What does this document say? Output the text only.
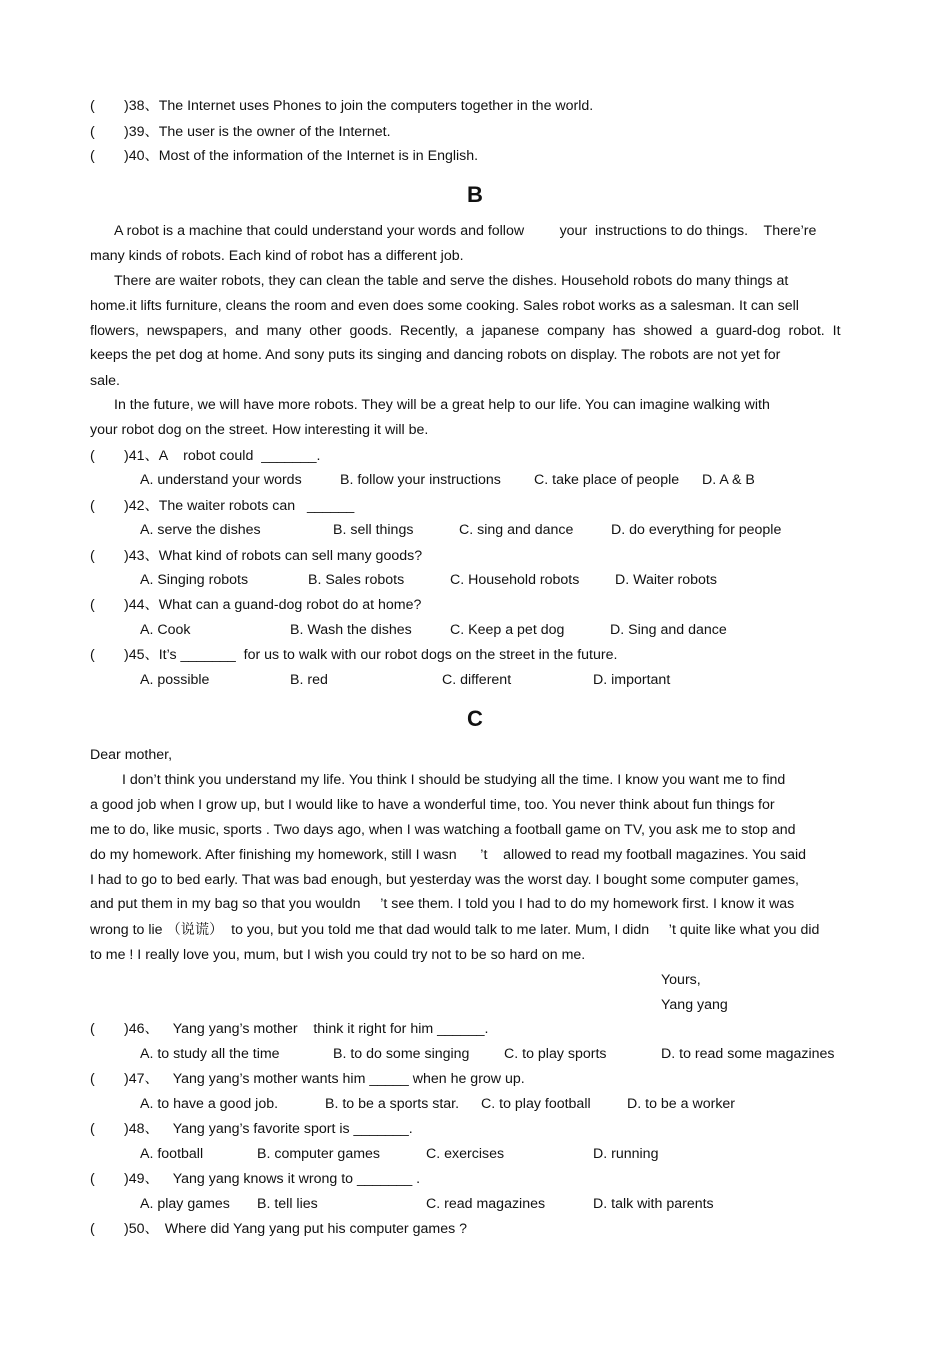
( )38、The Internet uses Phones to join the computers together in the world.
( )39、The user is the owner of the Internet.
( )40、Most of the information of the Internet is in English.
B
A robot is a machine that could understand your words and follow         your  instructions to do things.    There’re
many kinds of robots. Each kind of robot has a different job.
There are waiter robots, they can clean the table and serve the dishes. Household robots do many things at
home.it lifts furniture, cleans the room and even does some cooking. Sales robot works as a salesman. It can sell
flowers,  newspapers,  and  many  other  goods.  Recently,  a  japanese  company  has  showed  a  guard-dog  robot.  It
keeps the pet dog at home. And sony puts its singing and dancing robots on display. The robots are not yet for
sale.
In the future, we will have more robots. They will be a great help to our life. You can imagine walking with
your robot dog on the street. How interesting it will be.
( )41、A    robot could  _______.
A. understand your words	B. follow your instructions C. take place of people D. A & B
( )42、The waiter robots can   ______
A. serve the dishes	B. sell things	C. sing and dance	D. do everything for people
( )43、What kind of robots can sell many goods?
A. Singing robots	B. Sales robots	C. Household robots	D. Waiter robots
( )44、What can a guand-dog robot do at home?
A. Cook	B. Wash the dishes	C. Keep a pet dog	D. Sing and dance
( )45、It’s _______  for us to walk with our robot dogs on the street in the future.
A. possible	B. red	C. different	D. important
C
Dear mother,
I don’t think you understand my life. You think I should be studying all the time. I know you want me to find
a good job when I grow up, but I would like to have a wonderful time, too. You never think about fun things for
me to do, like music, sports . Two days ago, when I was watching a football game on TV, you ask me to stop and
do my homework. After finishing my homework, still I wasn      ’t    allowed to read my football magazines. You said
I had to go to bed early. That was bad enough, but yesterday was the worst day. I bought some computer games,
and put them in my bag so that you wouldn     ’t see them. I told you I had to do my homework first. I know it was
wrong to lie （说谎）  to you, but you told me that dad would talk to me later. Mum, I didn     ’t quite like what you did
to me ! I really love you, mum, but I wish you could try not to be so hard on me.
Yours,
Yang yang
( )46、 Yang yang’s mother    think it right for him ______.
A. to study all the time	B. to do some singing C. to play sports	D. to read some magazines
( )47、 Yang yang’s mother wants him _____ when he grow up.
A. to have a good job.	B. to be a sports star. C. to play football	D. to be a worker
( )48、 Yang yang’s favorite sport is _______.
A. football	B. computer games	C. exercises	D. running
( )49、 Yang yang knows it wrong to _______ .
A. play games B. tell lies	C. read magazines	D. talk with parents
( )50、 Where did Yang yang put his computer games ?
